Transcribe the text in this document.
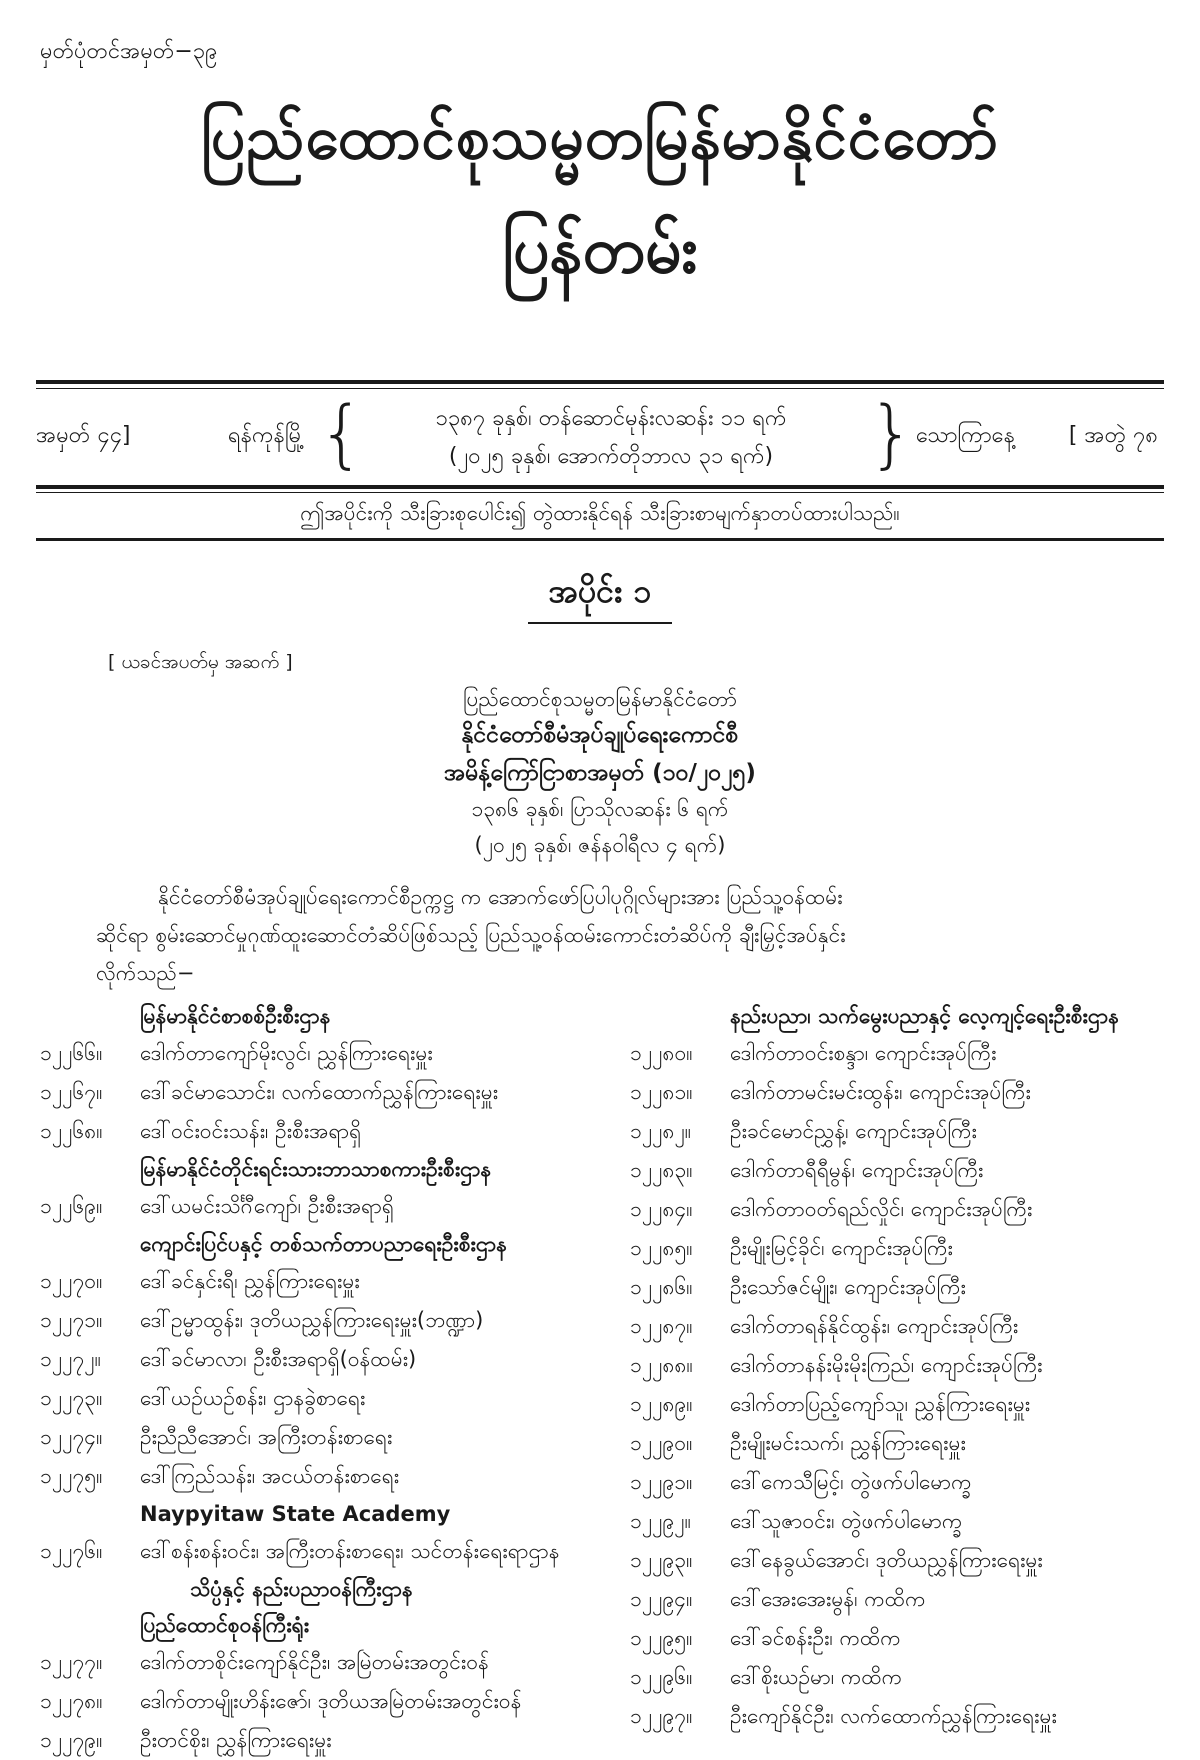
မှတ်ပုံတင်အမှတ်−၃၉
ပြည်ထောင်စုသမ္မတမြန်မာနိုင်ငံတော်
ပြန်တမ်း
အမှတ် ၄၄]	ရန်ကုန်မြို့ {	၁၃၈၇ ခုနှစ်၊ တန်ဆောင်မုန်းလဆန်း ၁၁ ရက်
(၂၀၂၅ ခုနှစ်၊ အောက်တိုဘာလ ၃၁ ရက်)	} သောကြာနေ့ [ အတွဲ ၇၈
ဤအပိုင်းကို သီးခြားစုပေါင်း၍ တွဲထားနိုင်ရန် သီးခြားစာမျက်နှာတပ်ထားပါသည်။
အပိုင်း ၁
[ ယခင်အပတ်မှ အဆက် ]
ပြည်ထောင်စုသမ္မတမြန်မာနိုင်ငံတော်
နိုင်ငံတော်စီမံအုပ်ချုပ်ရေးကောင်စီ
အမိန့်ကြော်ငြာစာအမှတ် (၁၀/၂၀၂၅)
၁၃၈၆ ခုနှစ်၊ ပြာသိုလဆန်း ၆ ရက်
(၂၀၂၅ ခုနှစ်၊ ဇန်နဝါရီလ ၄ ရက်)

နိုင်ငံတော်စီမံအုပ်ချုပ်ရေးကောင်စီဥက္ကဋ္ဌ က အောက်ဖော်ပြပါပုဂ္ဂိုလ်များအား ပြည်သူ့ဝန်ထမ်း

ဆိုင်ရာ စွမ်းဆောင်မှုဂုဏ်ထူးဆောင်တံဆိပ်ဖြစ်သည့် ပြည်သူ့ဝန်ထမ်းကောင်းတံဆိပ်ကို ချီးမြှင့်အပ်နှင်း
လိုက်သည်−
မြန်မာနိုင်ငံစာစစ်ဦးစီးဌာန
၁၂၂၆၆။	ဒေါက်တာကျော်မိုးလွင်၊ ညွှန်ကြားရေးမှူး
၁၂၂၆၇။	ဒေါ်ခင်မာသောင်း၊ လက်ထောက်ညွှန်ကြားရေးမှူး
၁၂၂၆၈။	ဒေါ်ဝင်းဝင်းသန်း၊ ဦးစီးအရာရှိ
မြန်မာနိုင်ငံတိုင်းရင်းသားဘာသာစကားဦးစီးဌာန
၁၂၂၆၉။	ဒေါ်ယမင်းသိင်္ဂီကျော်၊ ဦးစီးအရာရှိ
ကျောင်းပြင်ပနှင့် တစ်သက်တာပညာရေးဦးစီးဌာန
၁၂၂၇၀။	ဒေါ်ခင်နှင်းရီ၊ ညွှန်ကြားရေးမှူး
၁၂၂၇၁။	ဒေါ်ဥမ္မာထွန်း၊ ဒုတိယညွှန်ကြားရေးမှူး(ဘဏ္ဍာ)
၁၂၂၇၂။	ဒေါ်ခင်မာလာ၊ ဦးစီးအရာရှိ(ဝန်ထမ်း)
၁၂၂၇၃။	ဒေါ်ယဉ်ယဉ်စန်း၊ ဌာနခွဲစာရေး
၁၂၂၇၄။	ဦးညီညီအောင်၊ အကြီးတန်းစာရေး
၁၂၂၇၅။	ဒေါ်ကြည်သန်း၊ အငယ်တန်းစာရေး
Naypyitaw State Academy
၁၂၂၇၆။	ဒေါ်စန်းစန်းဝင်း၊ အကြီးတန်းစာရေး၊ သင်တန်းရေးရာဌာန
သိပ္ပံနှင့် နည်းပညာဝန်ကြီးဌာန
ပြည်ထောင်စုဝန်ကြီးရုံး
၁၂၂၇၇။	ဒေါက်တာစိုင်းကျော်နိုင်ဦး၊ အမြဲတမ်းအတွင်းဝန်
၁၂၂၇၈။	ဒေါက်တာမျိုးဟိန်းဇော်၊ ဒုတိယအမြဲတမ်းအတွင်းဝန်
၁၂၂၇၉။	ဦးတင်စိုး၊ ညွှန်ကြားရေးမှူး
နည်းပညာ၊ သက်မွေးပညာနှင့် လေ့ကျင့်ရေးဦးစီးဌာန
၁၂၂၈၀။	ဒေါက်တာဝင်းစန္ဒာ၊ ကျောင်းအုပ်ကြီး
၁၂၂၈၁။	ဒေါက်တာမင်းမင်းထွန်း၊ ကျောင်းအုပ်ကြီး
၁၂၂၈၂။	ဦးခင်မောင်ညွှန့်၊ ကျောင်းအုပ်ကြီး
၁၂၂၈၃။	ဒေါက်တာရီရီမွန်၊ ကျောင်းအုပ်ကြီး
၁၂၂၈၄။	ဒေါက်တာဝတ်ရည်လှိုင်၊ ကျောင်းအုပ်ကြီး
၁၂၂၈၅။	ဦးမျိုးမြင့်ခိုင်၊ ကျောင်းအုပ်ကြီး
၁၂၂၈၆။	ဦးသော်ဇင်မျိုး၊ ကျောင်းအုပ်ကြီး
၁၂၂၈၇။	ဒေါက်တာရန်နိုင်ထွန်း၊ ကျောင်းအုပ်ကြီး
၁၂၂၈၈။	ဒေါက်တာနန်းမိုးမိုးကြည်၊ ကျောင်းအုပ်ကြီး
၁၂၂၈၉။	ဒေါက်တာပြည့်ကျော်သူ၊ ညွှန်ကြားရေးမှူး
၁၂၂၉၀။	ဦးမျိုးမင်းသက်၊ ညွှန်ကြားရေးမှူး
၁၂၂၉၁။	ဒေါ်ကေသီမြင့်၊ တွဲဖက်ပါမောက္ခ
၁၂၂၉၂။	ဒေါ်သူဇာဝင်း၊ တွဲဖက်ပါမောက္ခ
၁၂၂၉၃။	ဒေါ်နေခွယ်အောင်၊ ဒုတိယညွှန်ကြားရေးမှူး
၁၂၂၉၄။	ဒေါ်အေးအေးမွန်၊ ကထိက
၁၂၂၉၅။	ဒေါ်ခင်စန်းဦး၊ ကထိက
၁၂၂၉၆။	ဒေါ်စိုးယဉ်မာ၊ ကထိက
၁၂၂၉၇။	ဦးကျော်နိုင်ဦး၊ လက်ထောက်ညွှန်ကြားရေးမှူး
